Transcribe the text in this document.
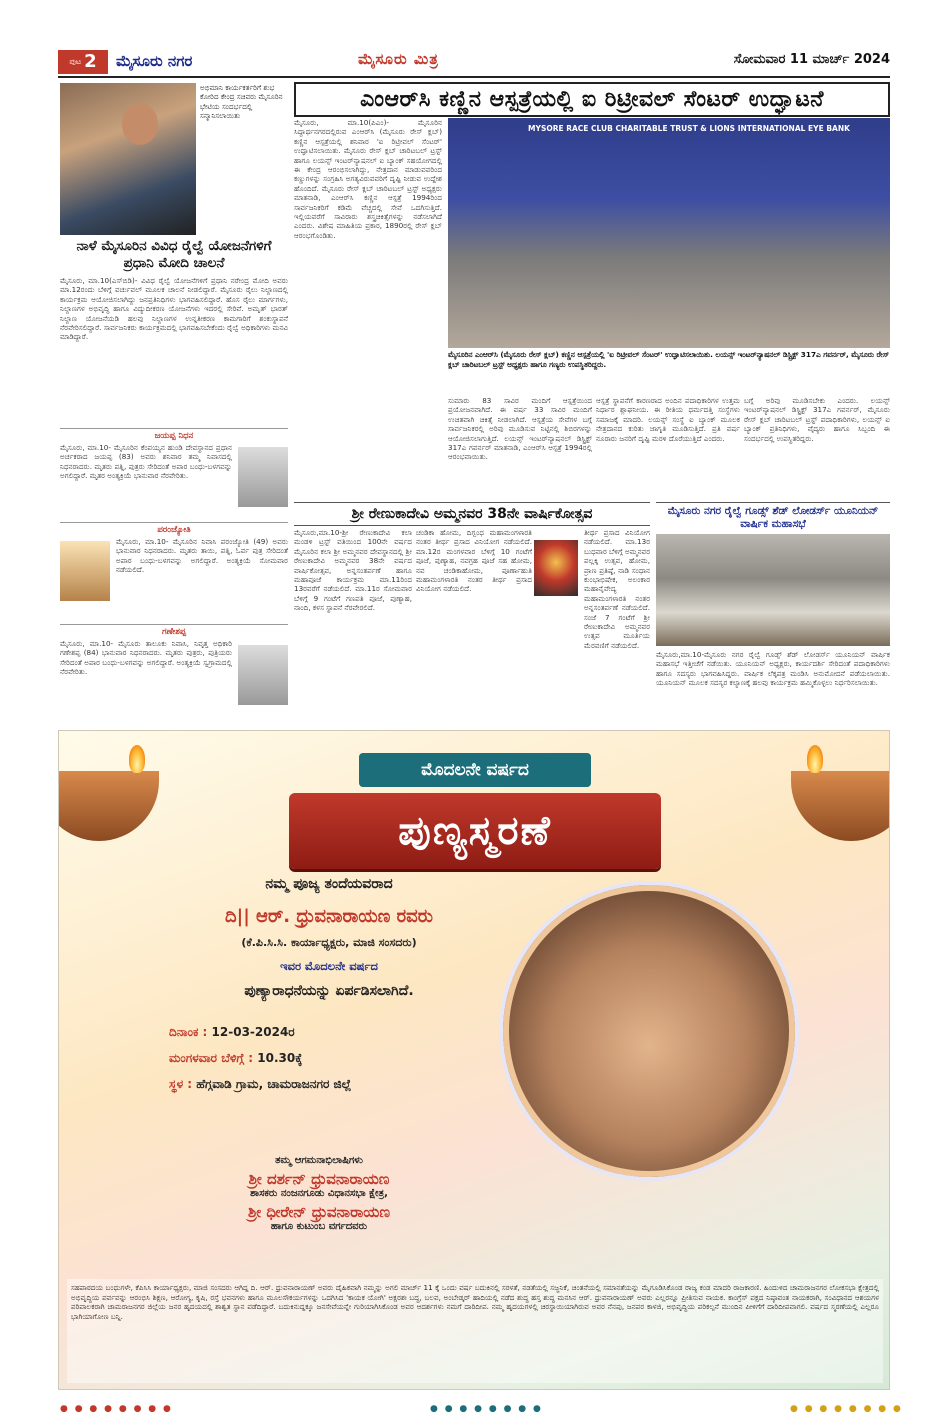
ಪುಟ 2	ಮೈಸೂರು ನಗರ	ಮೈಸೂರು ಮಿತ್ರ	ಸೋಮವಾರ 11 ಮಾರ್ಚ್ 2024
ಅಭಿಮಾನಿ ಕಾರ್ಯಕರ್ತರಿಗೆ ಶುಭ ಕೋರಿದ ಕೇಂದ್ರ ಸಚಿವರು ಮೈಸೂರಿನ ಭೇಟಿಯ ಸಂದರ್ಭದಲ್ಲಿ ಸನ್ಮಾನಿಸಲಾಯಿತು
ನಾಳೆ ಮೈಸೂರಿನ ವಿವಿಧ ರೈಲ್ವೆ ಯೋಜನೆಗಳಿಗೆ ಪ್ರಧಾನಿ ಮೋದಿ ಚಾಲನೆ
ಮೈಸೂರು, ಮಾ.10(ಎಸ್‌ಬಿಡಿ)- ವಿವಿಧ ರೈಲ್ವೆ ಯೋಜನೆಗಳಿಗೆ ಪ್ರಧಾನಿ ನರೇಂದ್ರ ಮೋದಿ ಅವರು ಮಾ.12ರಂದು ಬೆಳಿಗ್ಗೆ ವರ್ಚುವಲ್ ಮೂಲಕ ಚಾಲನೆ ನೀಡಲಿದ್ದಾರೆ. ಮೈಸೂರು ರೈಲು ನಿಲ್ದಾಣದಲ್ಲಿ ಕಾರ್ಯಕ್ರಮ ಆಯೋಜಿಸಲಾಗಿದ್ದು ಜನಪ್ರತಿನಿಧಿಗಳು ಭಾಗವಹಿಸಲಿದ್ದಾರೆ. ಹೊಸ ರೈಲು ಮಾರ್ಗಗಳು, ನಿಲ್ದಾಣಗಳ ಅಭಿವೃದ್ಧಿ ಹಾಗೂ ವಿದ್ಯುದೀಕರಣ ಯೋಜನೆಗಳು ಇದರಲ್ಲಿ ಸೇರಿವೆ. ಅಮೃತ್ ಭಾರತ್ ನಿಲ್ದಾಣ ಯೋಜನೆಯಡಿ ಹಲವು ನಿಲ್ದಾಣಗಳ ಉನ್ನತೀಕರಣ ಕಾಮಗಾರಿಗೆ ಶಂಕುಸ್ಥಾಪನೆ ನೆರವೇರಿಸಲಿದ್ದಾರೆ. ಸಾರ್ವಜನಿಕರು ಕಾರ್ಯಕ್ರಮದಲ್ಲಿ ಭಾಗವಹಿಸಬೇಕೆಂದು ರೈಲ್ವೆ ಅಧಿಕಾರಿಗಳು ಮನವಿ ಮಾಡಿದ್ದಾರೆ.
ಜಯಪ್ಪ ನಿಧನ
ಮೈಸೂರು, ಮಾ.10- ಮೈಸೂರಿನ ಕೆಂಪಯ್ಯನ ಹುಂಡಿ ದೇವಸ್ಥಾನದ ಪ್ರಧಾನ ಅರ್ಚಕರಾದ ಜಯಪ್ಪ (83) ಅವರು ಶನಿವಾರ ತಮ್ಮ ನಿವಾಸದಲ್ಲಿ ನಿಧನರಾದರು. ಮೃತರು ಪತ್ನಿ, ಪುತ್ರರು ಸೇರಿದಂತೆ ಅಪಾರ ಬಂಧು-ಬಳಗವನ್ನು ಅಗಲಿದ್ದಾರೆ. ಮೃತರ ಅಂತ್ಯಕ್ರಿಯೆ ಭಾನುವಾರ ನೆರವೇರಿತು.
ಪರಂಜ್ಯೋತಿ
ಮೈಸೂರು, ಮಾ.10- ಮೈಸೂರಿನ ನಿವಾಸಿ ಪರಂಜ್ಯೋತಿ (49) ಅವರು ಭಾನುವಾರ ನಿಧನರಾದರು. ಮೃತರು ತಾಯಿ, ಪತ್ನಿ, ಓರ್ವ ಪುತ್ರ ಸೇರಿದಂತೆ ಅಪಾರ ಬಂಧು-ಬಳಗವನ್ನು ಅಗಲಿದ್ದಾರೆ. ಅಂತ್ಯಕ್ರಿಯೆ ಸೋಮವಾರ ನಡೆಯಲಿದೆ.
ಗಣೇಶಪ್ಪ
ಮೈಸೂರು, ಮಾ.10- ಮೈಸೂರು ತಾಲೂಕು ನಿವಾಸಿ, ನಿವೃತ್ತ ಅಧಿಕಾರಿ ಗಣೇಶಪ್ಪ (84) ಭಾನುವಾರ ನಿಧನರಾದರು. ಮೃತರು ಪುತ್ರರು, ಪುತ್ರಿಯರು ಸೇರಿದಂತೆ ಅಪಾರ ಬಂಧು-ಬಳಗವನ್ನು ಅಗಲಿದ್ದಾರೆ. ಅಂತ್ಯಕ್ರಿಯೆ ಸ್ವಗ್ರಾಮದಲ್ಲಿ ನೆರವೇರಿತು.
ಎಂಆರ್‌ಸಿ ಕಣ್ಣಿನ ಆಸ್ಪತ್ರೆಯಲ್ಲಿ ಐ ರಿಟ್ರೀವಲ್ ಸೆಂಟರ್ ಉದ್ಘಾಟನೆ
ಮೈಸೂರು, ಮಾ.10(ಪಿಎಂ)- ಮೈಸೂರಿನ ಸಿದ್ದಾರ್ಥನಗರದಲ್ಲಿರುವ ಎಂಆರ್‌ಸಿ (ಮೈಸೂರು ರೇಸ್ ಕ್ಲಬ್) ಕಣ್ಣಿನ ಆಸ್ಪತ್ರೆಯಲ್ಲಿ ಶನಿವಾರ 'ಐ ರಿಟ್ರೀವಲ್ ಸೆಂಟರ್' ಉದ್ಘಾಟಿಸಲಾಯಿತು. ಮೈಸೂರು ರೇಸ್ ಕ್ಲಬ್ ಚಾರಿಟಬಲ್ ಟ್ರಸ್ಟ್ ಹಾಗೂ ಲಯನ್ಸ್ ಇಂಟರ್‌ನ್ಯಾಷನಲ್ ಐ ಬ್ಯಾಂಕ್ ಸಹಯೋಗದಲ್ಲಿ ಈ ಕೇಂದ್ರ ಆರಂಭಿಸಲಾಗಿದ್ದು, ನೇತ್ರದಾನ ಮಾಡುವವರಿಂದ ಕಣ್ಣುಗಳನ್ನು ಸಂಗ್ರಹಿಸಿ ಅಗತ್ಯವಿರುವವರಿಗೆ ದೃಷ್ಟಿ ನೀಡುವ ಉದ್ದೇಶ ಹೊಂದಿದೆ. ಮೈಸೂರು ರೇಸ್ ಕ್ಲಬ್ ಚಾರಿಟಬಲ್ ಟ್ರಸ್ಟ್ ಅಧ್ಯಕ್ಷರು ಮಾತನಾಡಿ, ಎಂಆರ್‌ಸಿ ಕಣ್ಣಿನ ಆಸ್ಪತ್ರೆ 1994ರಿಂದ ಸಾರ್ವಜನಿಕರಿಗೆ ಕಡಿಮೆ ವೆಚ್ಚದಲ್ಲಿ ಸೇವೆ ಒದಗಿಸುತ್ತಿದೆ. ಇಲ್ಲಿಯವರೆಗೆ ಸಾವಿರಾರು ಶಸ್ತ್ರಚಿಕಿತ್ಸೆಗಳನ್ನು ನಡೆಸಲಾಗಿದೆ ಎಂದರು. ವಿಶೇಷ ಮಾಹಿತಿಯ ಪ್ರಕಾರ, 1890ರಲ್ಲಿ ರೇಸ್ ಕ್ಲಬ್ ಆರಂಭಗೊಂಡಿತು.
MYSORE RACE CLUB CHARITABLE TRUST & LIONS INTERNATIONAL EYE BANK
ಮೈಸೂರಿನ ಎಂಆರ್‌ಸಿ (ಮೈಸೂರು ರೇಸ್ ಕ್ಲಬ್) ಕಣ್ಣಿನ ಆಸ್ಪತ್ರೆಯಲ್ಲಿ 'ಐ ರಿಟ್ರೀವಲ್ ಸೆಂಟರ್' ಉದ್ಘಾಟಿಸಲಾಯಿತು. ಲಯನ್ಸ್ ಇಂಟರ್‌ನ್ಯಾಷನಲ್ ಡಿಸ್ಟ್ರಿಕ್ಟ್ 317ಎ ಗವರ್ನರ್, ಮೈಸೂರು ರೇಸ್ ಕ್ಲಬ್ ಚಾರಿಟಬಲ್ ಟ್ರಸ್ಟ್ ಅಧ್ಯಕ್ಷರು ಹಾಗೂ ಗಣ್ಯರು ಉಪಸ್ಥಿತರಿದ್ದರು.
ಸುಮಾರು 83 ಸಾವಿರ ಮಂದಿಗೆ ಆಸ್ಪತ್ರೆಯಿಂದ ಪ್ರಯೋಜನವಾಗಿದೆ. ಈ ವರ್ಷ 33 ಸಾವಿರ ಮಂದಿಗೆ ಉಚಿತವಾಗಿ ಚಿಕಿತ್ಸೆ ನೀಡಲಾಗಿದೆ. ಆಸ್ಪತ್ರೆಯ ಸೇವೆಗಳ ಬಗ್ಗೆ ಸಾರ್ವಜನಿಕರಲ್ಲಿ ಅರಿವು ಮೂಡಿಸುವ ನಿಟ್ಟಿನಲ್ಲಿ ಶಿಬಿರಗಳನ್ನು ಆಯೋಜಿಸಲಾಗುತ್ತಿದೆ. ಲಯನ್ಸ್ ಇಂಟರ್‌ನ್ಯಾಷನಲ್ ಡಿಸ್ಟ್ರಿಕ್ಟ್ 317ಎ ಗವರ್ನರ್ ಮಾತನಾಡಿ, ಎಂಆರ್‌ಸಿ ಆಸ್ಪತ್ರೆ 1994ರಲ್ಲಿ ಆರಂಭವಾಯಿತು.
ಆಸ್ಪತ್ರೆ ಸ್ಥಾಪನೆಗೆ ಕಾರಣರಾದ ಅಂದಿನ ಪದಾಧಿಕಾರಿಗಳ ಉತ್ತಮ ನಿರ್ಧಾರ ಶ್ಲಾಘನೀಯ. ಈ ರೀತಿಯ ಧರ್ಮದತ್ತಿ ಸಂಸ್ಥೆಗಳು ಸಮಾಜಕ್ಕೆ ಮಾದರಿ. ಲಯನ್ಸ್ ಸಂಸ್ಥೆ ಐ ಬ್ಯಾಂಕ್ ಮೂಲಕ ನೇತ್ರದಾನದ ಕುರಿತು ಜಾಗೃತಿ ಮೂಡಿಸುತ್ತಿದೆ. ಪ್ರತಿ ವರ್ಷ ನೂರಾರು ಜನರಿಗೆ ದೃಷ್ಟಿ ಮರಳಿ ದೊರೆಯುತ್ತಿದೆ ಎಂದರು.
ಬಗ್ಗೆ ಅರಿವು ಮೂಡಿಸಬೇಕು ಎಂದರು. ಲಯನ್ಸ್ ಇಂಟರ್‌ನ್ಯಾಷನಲ್ ಡಿಸ್ಟ್ರಿಕ್ಟ್ 317ಎ ಗವರ್ನರ್, ಮೈಸೂರು ರೇಸ್ ಕ್ಲಬ್ ಚಾರಿಟಬಲ್ ಟ್ರಸ್ಟ್ ಪದಾಧಿಕಾರಿಗಳು, ಲಯನ್ಸ್ ಐ ಬ್ಯಾಂಕ್ ಪ್ರತಿನಿಧಿಗಳು, ವೈದ್ಯರು ಹಾಗೂ ಸಿಬ್ಬಂದಿ ಈ ಸಂದರ್ಭದಲ್ಲಿ ಉಪಸ್ಥಿತರಿದ್ದರು.
ಶ್ರೀ ರೇಣುಕಾದೇವಿ ಅಮ್ಮನವರ 38ನೇ ವಾರ್ಷಿಕೋತ್ಸವ
ಮೈಸೂರು,ಮಾ.10-ಶ್ರೀ ರೇಣುಕಾದೇವಿ ಕಲಾ ಮಂಡಳಿ ಟ್ರಸ್ಟ್ ವತಿಯಿಂದ 100ನೇ ವರ್ಷದ ಮೈಸೂರಿನ ಕಲಾ ಶ್ರೀ ಅಮ್ಮನವರ ದೇವಸ್ಥಾನದಲ್ಲಿ ಶ್ರೀ ರೇಣುಕಾದೇವಿ ಅಮ್ಮನವರ 38ನೇ ವರ್ಷದ ವಾರ್ಷಿಕೋತ್ಸವ, ಅನ್ನಸಂತರ್ಪಣೆ ಹಾಗೂ ಮಹಾಪೂಜೆ ಕಾರ್ಯಕ್ರಮ ಮಾ.11ರಿಂದ 13ರವರೆಗೆ ನಡೆಯಲಿದೆ. ಮಾ.11ರ ಸೋಮವಾರ ಬೆಳಿಗ್ಗೆ 9 ಗಂಟೆಗೆ ಗಣಪತಿ ಪೂಜೆ, ಪುಣ್ಯಾಹ, ನಾಂದಿ, ಕಳಸ ಸ್ಥಾಪನೆ ನೆರವೇರಲಿದೆ.
ಚಂಡಿಕಾ ಹೋಮ, ದಿಗ್ಬಂಧ ಮಹಾಮಂಗಳಾರತಿ ನಂತರ ತೀರ್ಥ ಪ್ರಸಾದ ವಿನಿಯೋಗ ನಡೆಯಲಿದೆ. ಮಾ.12ರ ಮಂಗಳವಾರ ಬೆಳಿಗ್ಗೆ 10 ಗಂಟೆಗೆ ಪೂಜೆ, ಪುಣ್ಯಾಹ, ನವಗ್ರಹ ಪೂಜೆ ಸಹ ಹೋಮ, ನವ ಚಂಡಿಕಾಹೋಮ, ಪೂರ್ಣಾಹುತಿ ಮಹಾಮಂಗಳಾರತಿ ನಂತರ ತೀರ್ಥ ಪ್ರಸಾದ ವಿನಿಯೋಗ ನಡೆಯಲಿದೆ.
ತೀರ್ಥ ಪ್ರಸಾದ ವಿನಿಯೋಗ ನಡೆಯಲಿದೆ. ಮಾ.13ರ ಬುಧವಾರ ಬೆಳಿಗ್ಗೆ ಅಮ್ಮನವರ ಪಲ್ಲಕ್ಕಿ ಉತ್ಸವ, ಹೋಮ, ಪ್ರಾಣ ಪ್ರತಿಷ್ಠೆ, ನಾಡಿ ಸಂಧಾನ ಕುಂಭಾಭಿಷೇಕ, ಅಲಂಕಾರ ಮಹಾನೈವೇದ್ಯ ಮಹಾಮಂಗಳಾರತಿ ನಂತರ ಅನ್ನಸಂತರ್ಪಣೆ ನಡೆಯಲಿದೆ. ಸಂಜೆ 7 ಗಂಟೆಗೆ ಶ್ರೀ ರೇಣುಕಾದೇವಿ ಅಮ್ಮನವರ ಉತ್ಸವ ಮೂರ್ತಿಯ ಮೆರವಣಿಗೆ ನಡೆಯಲಿದೆ.
ಮೈಸೂರು ನಗರ ರೈಲ್ವೆ ಗೂಡ್ಸ್ ಶೆಡ್ ಲೋಡರ್ಸ್ ಯೂನಿಯನ್ ವಾರ್ಷಿಕ ಮಹಾಸಭೆ
ಮೈಸೂರು,ಮಾ.10-ಮೈಸೂರು ನಗರ ರೈಲ್ವೆ ಗೂಡ್ಸ್ ಶೆಡ್ ಲೋಡರ್ಸ್ ಯೂನಿಯನ್ ವಾರ್ಷಿಕ ಮಹಾಸಭೆ ಇತ್ತೀಚೆಗೆ ನಡೆಯಿತು. ಯೂನಿಯನ್ ಅಧ್ಯಕ್ಷರು, ಕಾರ್ಯದರ್ಶಿ ಸೇರಿದಂತೆ ಪದಾಧಿಕಾರಿಗಳು ಹಾಗೂ ಸದಸ್ಯರು ಭಾಗವಹಿಸಿದ್ದರು. ವಾರ್ಷಿಕ ಲೆಕ್ಕಪತ್ರ ಮಂಡಿಸಿ ಅನುಮೋದನೆ ಪಡೆಯಲಾಯಿತು. ಯೂನಿಯನ್ ಮೂಲಕ ಸದಸ್ಯರ ಕಲ್ಯಾಣಕ್ಕೆ ಹಲವು ಕಾರ್ಯಕ್ರಮ ಹಮ್ಮಿಕೊಳ್ಳಲು ನಿರ್ಧರಿಸಲಾಯಿತು.
ಮೊದಲನೇ ವರ್ಷದ
ಪುಣ್ಯಸ್ಮರಣೆ
ನಮ್ಮ ಪೂಜ್ಯ ತಂದೆಯವರಾದ
ದಿ|| ಆರ್. ಧ್ರುವನಾರಾಯಣ ರವರು
(ಕೆ.ಪಿ.ಸಿ.ಸಿ. ಕಾರ್ಯಾಧ್ಯಕ್ಷರು, ಮಾಜಿ ಸಂಸದರು)
ಇವರ ಮೊದಲನೇ ವರ್ಷದ
ಪುಣ್ಯಾರಾಧನೆಯನ್ನು ಏರ್ಪಡಿಸಲಾಗಿದೆ.
ದಿನಾಂಕ : 12-03-2024ರ
ಮಂಗಳವಾರ ಬೆಳಿಗ್ಗೆ : 10.30ಕ್ಕೆ
ಸ್ಥಳ : ಹೆಗ್ಗವಾಡಿ ಗ್ರಾಮ, ಚಾಮರಾಜನಗರ ಜಿಲ್ಲೆ
ತಮ್ಮ ಆಗಮನಾಭಿಲಾಷಿಗಳು
ಶ್ರೀ ದರ್ಶನ್ ಧ್ರುವನಾರಾಯಣ
ಶಾಸಕರು ನಂಜನಗೂಡು ವಿಧಾನಸಭಾ ಕ್ಷೇತ್ರ,
ಶ್ರೀ ಧೀರೇನ್ ಧ್ರುವನಾರಾಯಣ
ಹಾಗೂ ಕುಟುಂಬ ವರ್ಗದವರು
ಸಹಪಾಠದಯ ಬಂಧುಗಳೇ, ಕೆಪಿಸಿಸಿ ಕಾರ್ಯಾಧ್ಯಕ್ಷರು, ಮಾಜಿ ಸಂಸದರು ಆಗಿದ್ದ ದಿ. ಆರ್. ಧ್ರುವನಾರಾಯಣ್ ಅವರು ದೈಹಿಕವಾಗಿ ನಮ್ಮನ್ನು ಅಗಲಿ ಮಾರ್ಚ್ 11 ಕ್ಕೆ ಒಂದು ವರ್ಷ ಬದುಕಿನಲ್ಲಿ ಸರಳತೆ, ನಡತೆಯಲ್ಲಿ ಸಜ್ಜನಿಕೆ, ಚಿಂತನೆಯಲ್ಲಿ ಸಮಾನತೆಯನ್ನು ಮೈಗೂಡಿಸಿಕೊಂಡ ರಾಜ್ಯ ಕಂಡ ಮಾದರಿ ರಾಜಕಾರಣಿ. ಹಿಂದುಳಿದ ಚಾಮರಾಜನಗರ ಲೋಕಸಭಾ ಕ್ಷೇತ್ರದಲ್ಲಿ ಅಭಿವೃದ್ಧಿಯ ಪರ್ವವನ್ನು ಆರಂಭಿಸಿ ಶಿಕ್ಷಣ, ಆರೋಗ್ಯ, ಕೃಷಿ, ರಸ್ತೆ ಭವನಗಳು ಹಾಗೂ ಮೂಲಸೌಕರ್ಯಗಳನ್ನು ಒದಗಿಸಿದ 'ಕಾಯಕ ಯೋಗಿ' ಅಕ್ಷರಶಃ ಬದ್ಧ, ಬಲವ, ಅಂಬೇಡ್ಕರ್ ಹಾದಿಯಲ್ಲಿ ನಡೆದ ಶುದ್ಧ ಹಸ್ತ ಶುದ್ಧ ಮನಸಿನ ಆರ್. ಧ್ರುವನಾರಾಯಣ್ ಅವರು ಎಲ್ಲರನ್ನೂ ಪ್ರೀತಿಸುವ ನಾಯಕ. ಕಾಂಗ್ರೆಸ್ ಪಕ್ಷದ ನಿಷ್ಠಾವಂತ ನಾಯಕರಾಗಿ, ಸಂವಿಧಾನದ ಆಶಯಗಳ ಪರಿಪಾಲಕರಾಗಿ ಚಾಮರಾಜನಗರ ಜಿಲ್ಲೆಯ ಜನರ ಹೃದಯದಲ್ಲಿ ಶಾಶ್ವತ ಸ್ಥಾನ ಪಡೆದಿದ್ದಾರೆ. ಬದುಕಿನುದ್ದಕ್ಕೂ ಜನಸೇವೆಯನ್ನೇ ಗುರಿಯಾಗಿಸಿಕೊಂಡ ಅವರ ಆದರ್ಶಗಳು ನಮಗೆ ದಾರಿದೀಪ. ನಮ್ಮ ಹೃದಯಗಳಲ್ಲಿ ಚಿರಸ್ಥಾಯಿಯಾಗಿರುವ ಅವರ ನೆನಪು, ಜನಪರ ಕಾಳಜಿ, ಅಭಿವೃದ್ಧಿಯ ಪರಿಕಲ್ಪನೆ ಮುಂದಿನ ಪೀಳಿಗೆಗೆ ದಾರಿದೀಪವಾಗಲಿ. ವರ್ಷದ ಸ್ಮರಣೆಯಲ್ಲಿ ಎಲ್ಲರೂ ಭಾಗಿಯಾಗೋಣ ಬನ್ನಿ.
● ● ● ● ● ● ● ●	● ● ● ● ● ● ● ●	● ● ● ● ● ● ● ●
